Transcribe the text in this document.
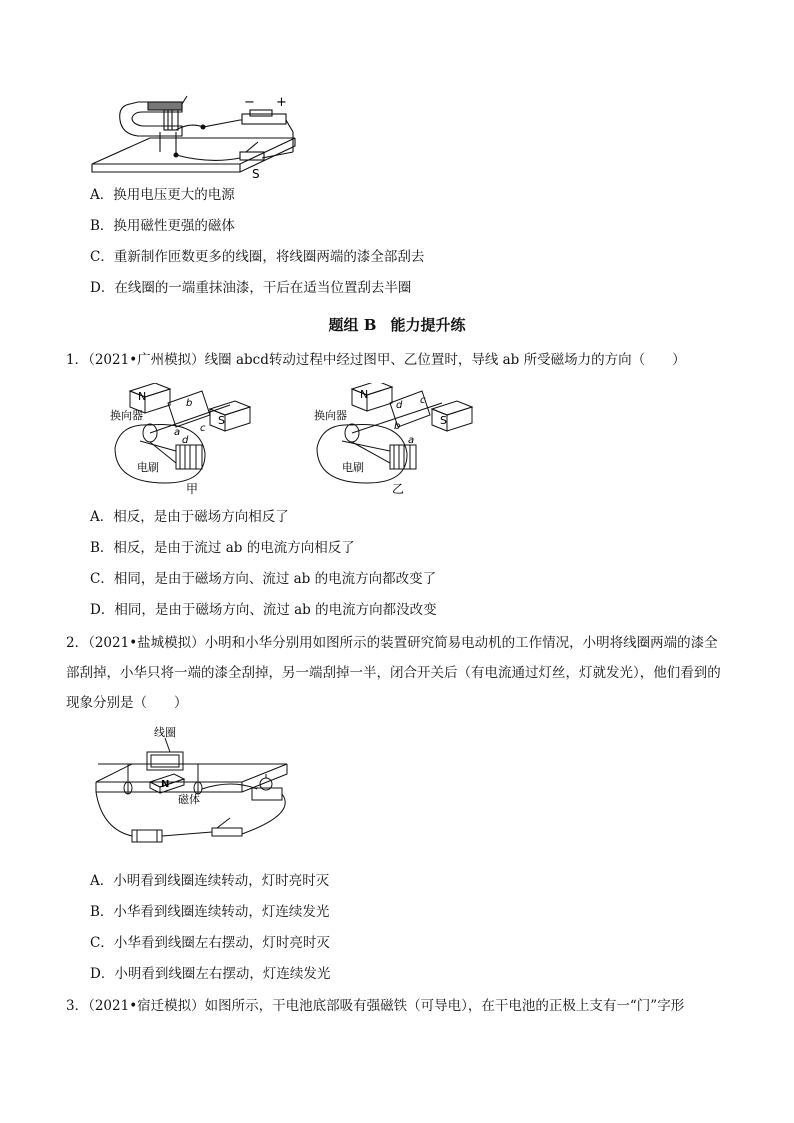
− +
S
A．换用电压更大的电源
B．换用磁性更强的磁体
C．重新制作匝数更多的线圈，将线圈两端的漆全部刮去
D．在线圈的一端重抹油漆，干后在适当位置刮去半圈
题组 B 能力提升练
1．（2021•广州模拟）线圈 abcd转动过程中经过图甲、乙位置时，导线 ab 所受磁场力的方向（　　）
N
S
换向器
电刷
甲
b
c
a
d
N
S
换向器
电刷
乙
d c
b
a
A．相反，是由于磁场方向相反了
B．相反，是由于流过 ab 的电流方向相反了
C．相同，是由于磁场方向、流过 ab 的电流方向都改变了
D．相同，是由于磁场方向、流过 ab 的电流方向都没改变
2．（2021•盐城模拟）小明和小华分别用如图所示的装置研究简易电动机的工作情况，小明将线圈两端的漆全部刮掉，小华只将一端的漆全刮掉，另一端刮掉一半，闭合开关后（有电流通过灯丝，灯就发光），他们看到的现象分别是（　　）
线圈
N
磁体
A．小明看到线圈连续转动，灯时亮时灭
B．小华看到线圈连续转动，灯连续发光
C．小华看到线圈左右摆动，灯时亮时灭
D．小明看到线圈左右摆动，灯连续发光
3．（2021•宿迁模拟）如图所示，干电池底部吸有强磁铁（可导电），在干电池的正极上支有一“门”字形
